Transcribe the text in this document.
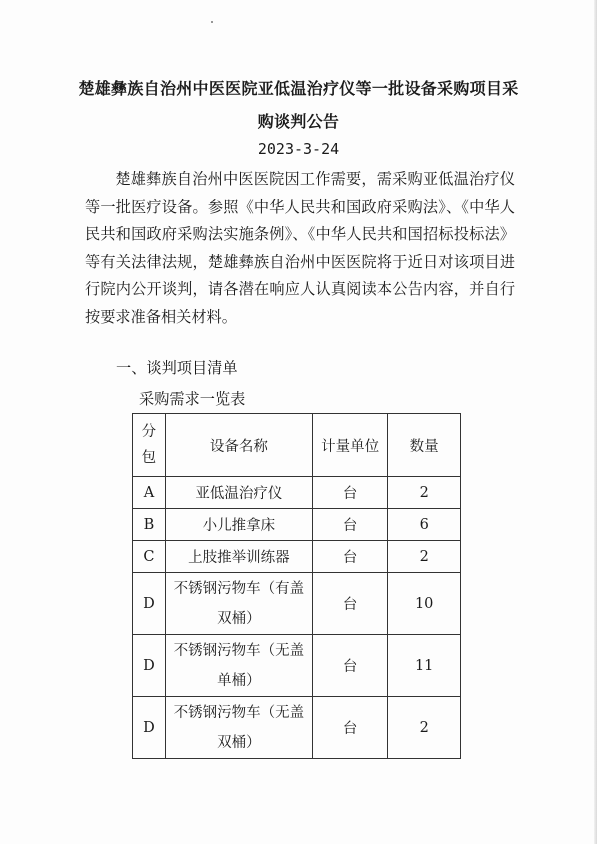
楚雄彝族自治州中医医院亚低温治疗仪等一批设备采购项目采
购谈判公告
2023-3-24

楚雄彝族自治州中医医院因工作需要，需采购亚低温治疗仪等一批医疗设备。参照《中华人民共和国政府采购法》、《中华人民共和国政府采购法实施条例》、《中华人民共和国招标投标法》等有关法律法规，楚雄彝族自治州中医医院将于近日对该项目进行院内公开谈判，请各潜在响应人认真阅读本公告内容，并自行按要求准备相关材料。

一、谈判项目清单
采购需求一览表
分包	设备名称	计量单位	数量
A	亚低温治疗仪	台	2
B	小儿推拿床	台	6
C	上肢推举训练器	台	2
D	不锈钢污物车（有盖双桶）	台	10
D	不锈钢污物车（无盖单桶）	台	11
D	不锈钢污物车（无盖双桶）	台	2
